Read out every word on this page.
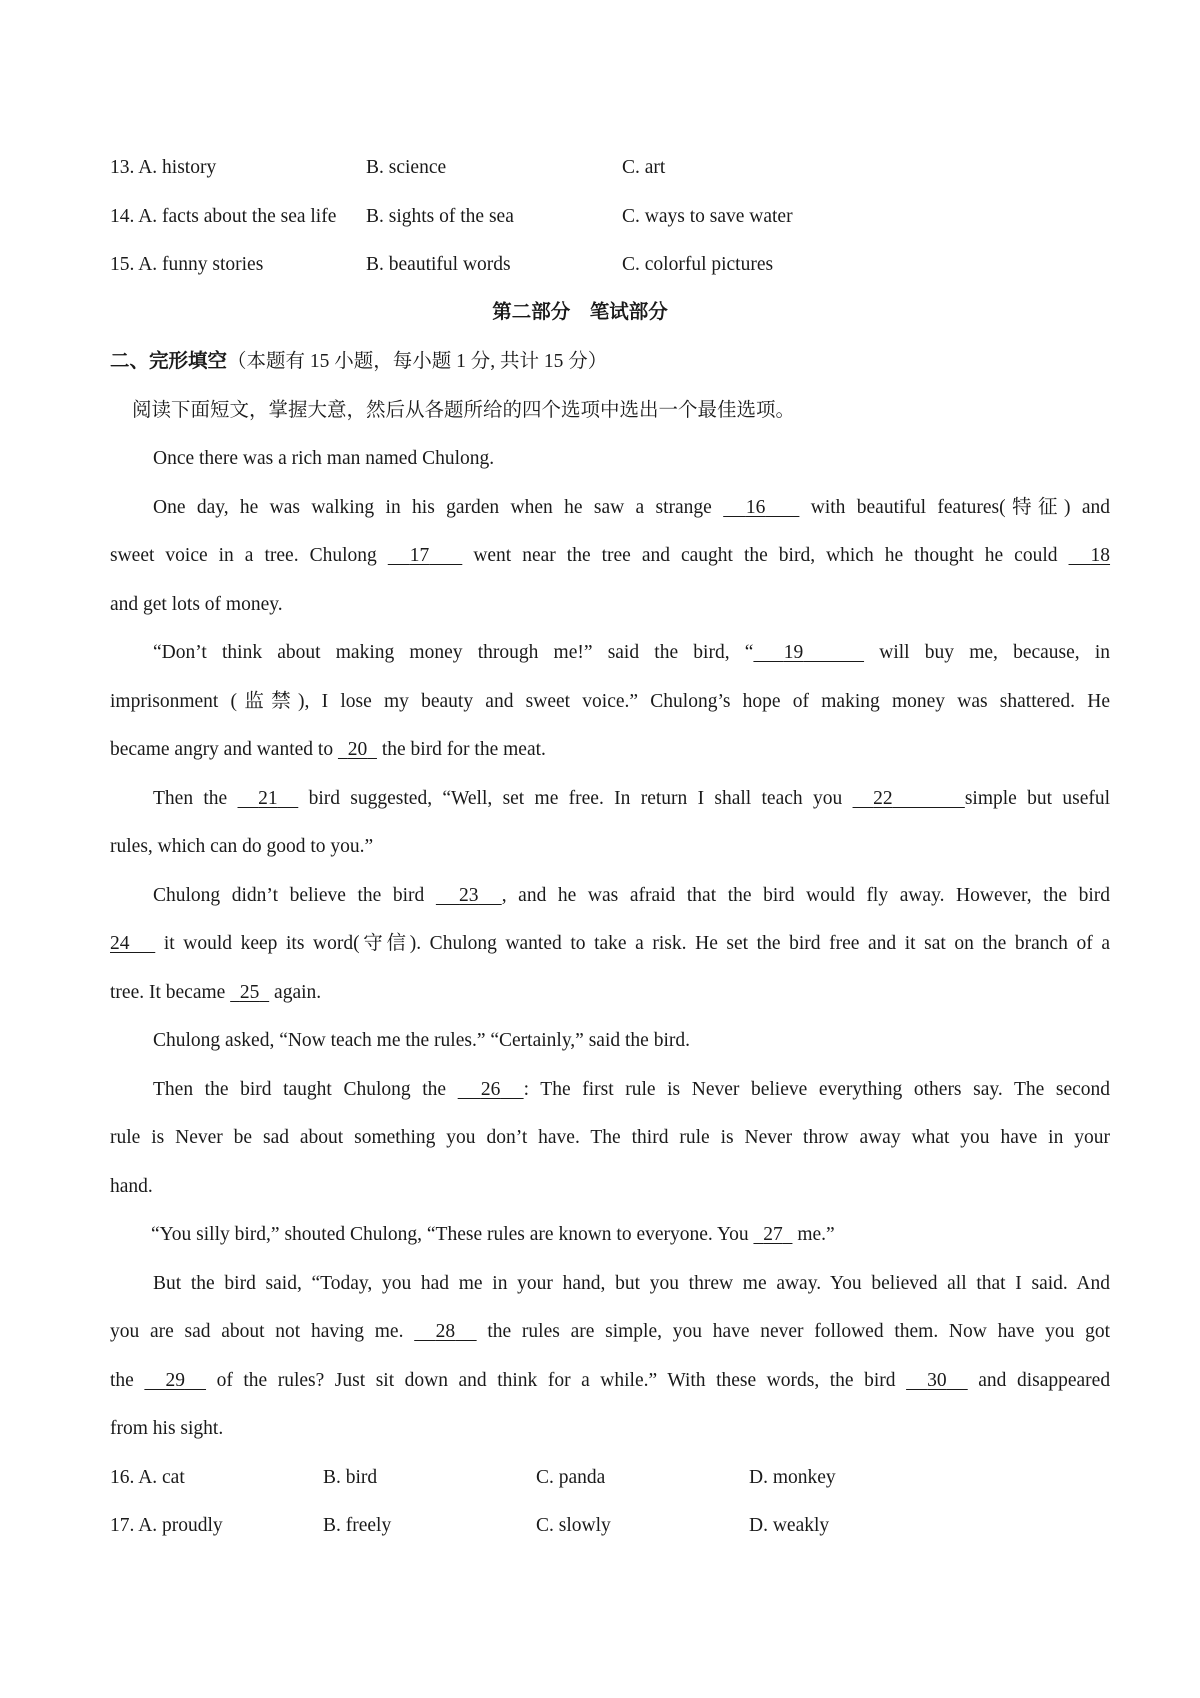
13. A. history	B. science	C. art
14. A. facts about the sea life B. sights of the sea	C. ways to save water
15. A. funny stories	B. beautiful words	C. colorful pictures
第二部分　笔试部分
二、完形填空（本题有 15 小题，每小题 1 分, 共计 15 分）
阅读下面短文，掌握大意，然后从各题所给的四个选项中选出一个最佳选项。
Once there was a rich man named Chulong.
One day, he was walking in his garden when he saw a strange 16 with beautiful features(特征) and
sweet voice in a tree. Chulong 17 went near the tree and caught the bird, which he thought he could 18
and get lots of money.
“Don’t think about making money through me!” said the bird, “ 19	will buy me, because, in
imprisonment (监禁), I lose my beauty and sweet voice.” Chulong’s hope of making money was shattered. He
became angry and wanted to 20 the bird for the meat.
Then the 21 bird suggested, “Well, set me free. In return I shall teach you 22	simple but useful
rules, which can do good to you.”
Chulong didn’t believe the bird 23 , and he was afraid that the bird would fly away. However, the bird
24 it would keep its word(守信). Chulong wanted to take a risk. He set the bird free and it sat on the branch of a
tree. It became 25 again.
Chulong asked, “Now teach me the rules.” “Certainly,” said the bird.
Then the bird taught Chulong the 26 : The first rule is Never believe everything others say. The second
rule is Never be sad about something you don’t have. The third rule is Never throw away what you have in your
hand.
“You silly bird,” shouted Chulong, “These rules are known to everyone. You 27 me.”
But the bird said, “Today, you had me in your hand, but you threw me away. You believed all that I said. And
you are sad about not having me. 28 the rules are simple, you have never followed them. Now have you got
the 29 of the rules? Just sit down and think for a while.” With these words, the bird 30 and disappeared
from his sight.
16. A. cat	B. bird	C. panda	D. monkey
17. A. proudly	B. freely	C. slowly	D. weakly
